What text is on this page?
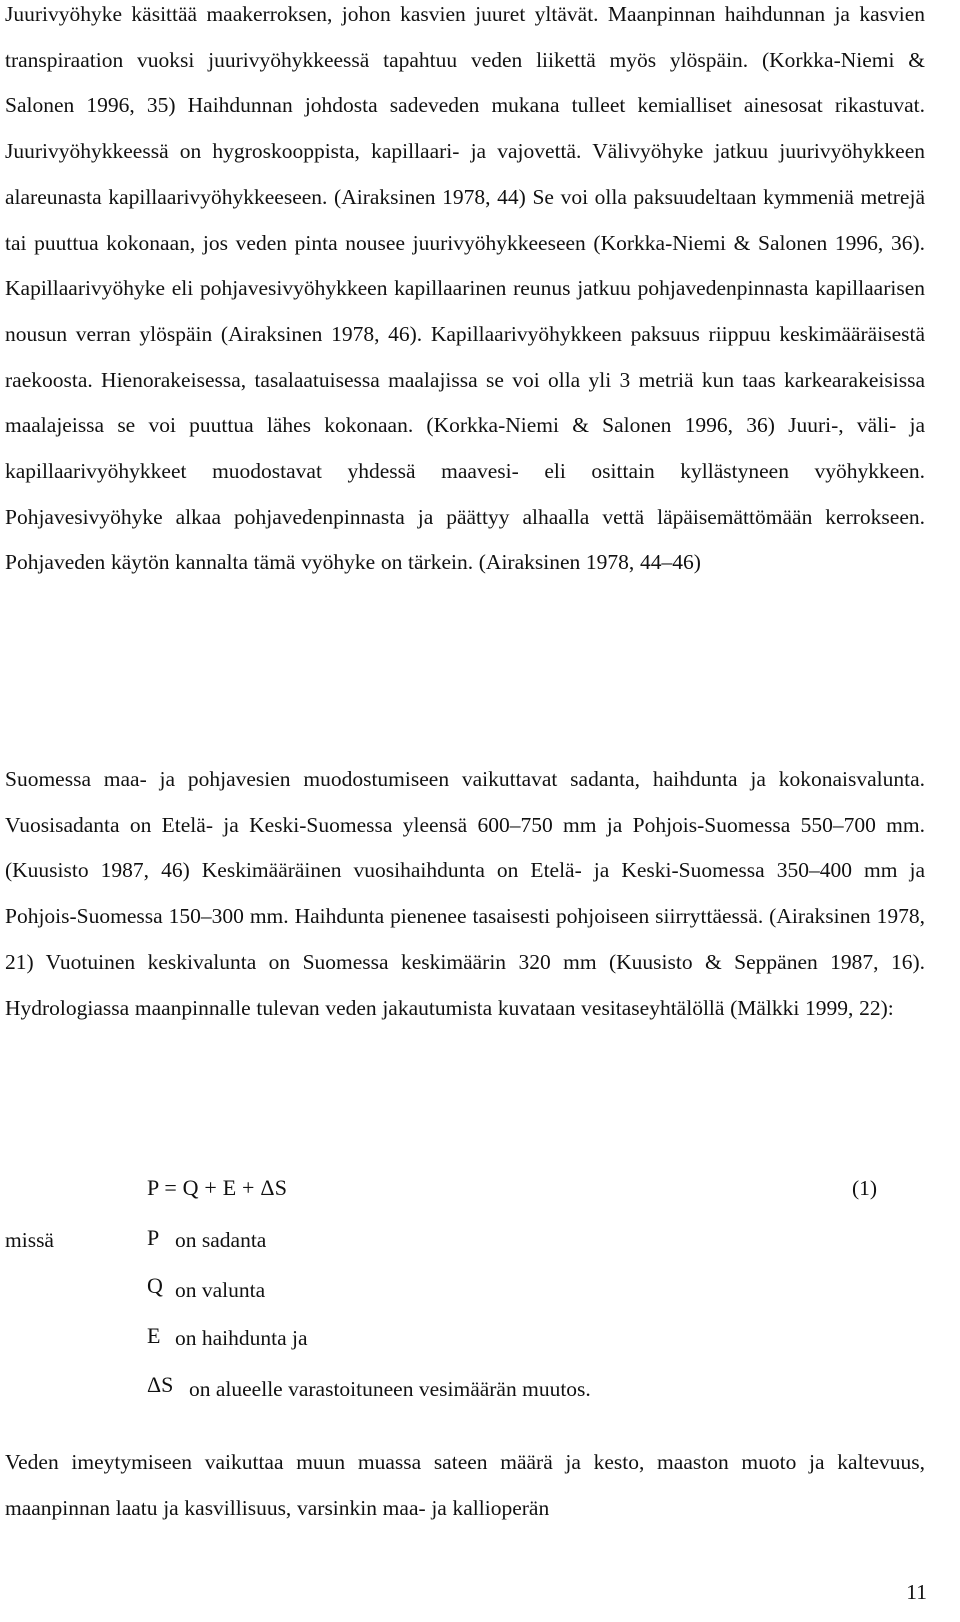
Juurivyöhyke käsittää maakerroksen, johon kasvien juuret yltävät. Maanpinnan haihdunnan ja kasvien transpiraation vuoksi juurivyöhykkeessä tapahtuu veden liikettä myös ylöspäin. (Korkka-Niemi & Salonen 1996, 35) Haihdunnan johdosta sadeveden mukana tulleet kemialliset ainesosat rikastuvat. Juurivyöhykkeessä on hygroskooppista, kapillaari- ja vajovettä. Välivyöhyke jatkuu juurivyöhykkeen alareunasta kapillaarivyöhykkeeseen. (Airaksinen 1978, 44) Se voi olla paksuudeltaan kymmeniä metrejä tai puuttua kokonaan, jos veden pinta nousee juurivyöhykkeeseen (Korkka-Niemi & Salonen 1996, 36). Kapillaarivyöhyke eli pohjavesivyöhykkeen kapillaarinen reunus jatkuu pohjavedenpinnasta kapillaarisen nousun verran ylöspäin (Airaksinen 1978, 46). Kapillaarivyöhykkeen paksuus riippuu keskimääräisestä raekoosta. Hienorakeisessa, tasalaatuisessa maalajissa se voi olla yli 3 metriä kun taas karkearakeisissa maalajeissa se voi puuttua lähes kokonaan. (Korkka-Niemi & Salonen 1996, 36) Juuri-, väli- ja kapillaarivyöhykkeet muodostavat yhdessä maavesi- eli osittain kyllästyneen vyöhykkeen. Pohjavesivyöhyke alkaa pohjavedenpinnasta ja päättyy alhaalla vettä läpäisemättömään kerrokseen. Pohjaveden käytön kannalta tämä vyöhyke on tärkein. (Airaksinen 1978, 44–46)

Suomessa maa- ja pohjavesien muodostumiseen vaikuttavat sadanta, haihdunta ja kokonaisvalunta. Vuosisadanta on Etelä- ja Keski-Suomessa yleensä 600–750 mm ja Pohjois-Suomessa 550–700 mm. (Kuusisto 1987, 46) Keskimääräinen vuosihaihdunta on Etelä- ja Keski-Suomessa 350–400 mm ja Pohjois-Suomessa 150–300 mm. Haihdunta pienenee tasaisesti pohjoiseen siirryttäessä. (Airaksinen 1978, 21) Vuotuinen keskivalunta on Suomessa keskimäärin 320 mm (Kuusisto & Seppänen 1987, 16). Hydrologiassa maanpinnalle tulevan veden jakautumista kuvataan vesitaseyhtälöllä (Mälkki 1999, 22):

P = Q + E + ΔS	(1)
missä	P on sadanta
Q on valunta
E on haihdunta ja
ΔS on alueelle varastoituneen vesimäärän muutos.

Veden imeytymiseen vaikuttaa muun muassa sateen määrä ja kesto, maaston muoto ja kaltevuus, maanpinnan laatu ja kasvillisuus, varsinkin maa- ja kallioperän

11
